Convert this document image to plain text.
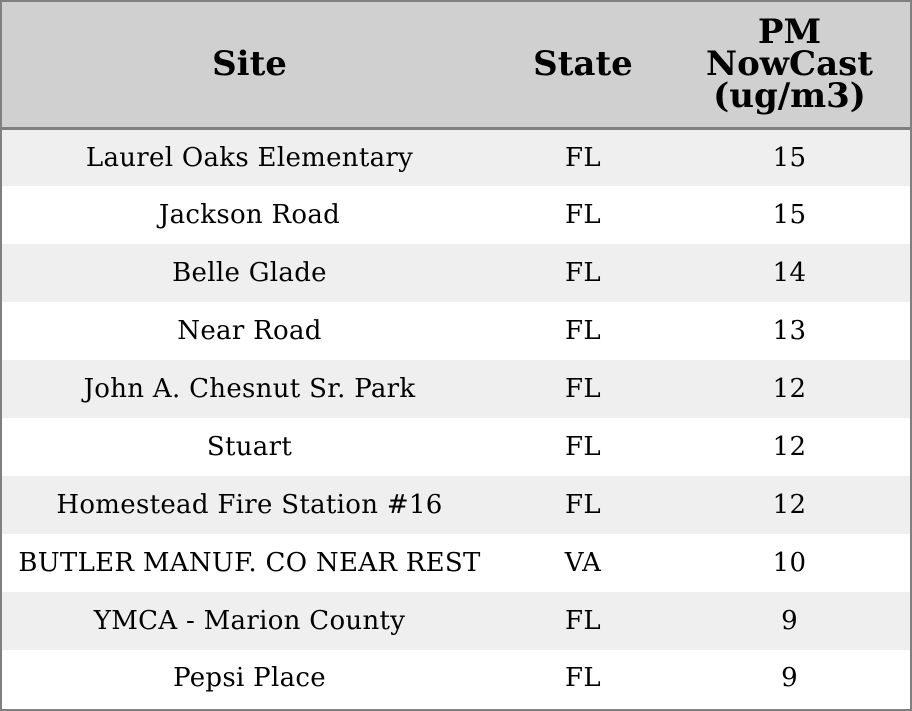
Site	State	PM
NowCast
(ug/m3)

Laurel Oaks Elementary	FL	15
Jackson Road	FL	15
Belle Glade	FL	14
Near Road	FL	13
John A. Chesnut Sr. Park	FL	12
Stuart	FL	12
Homestead Fire Station #16	FL	12
BUTLER MANUF. CO NEAR REST	VA	10
YMCA - Marion County	FL	9
Pepsi Place	FL	9
